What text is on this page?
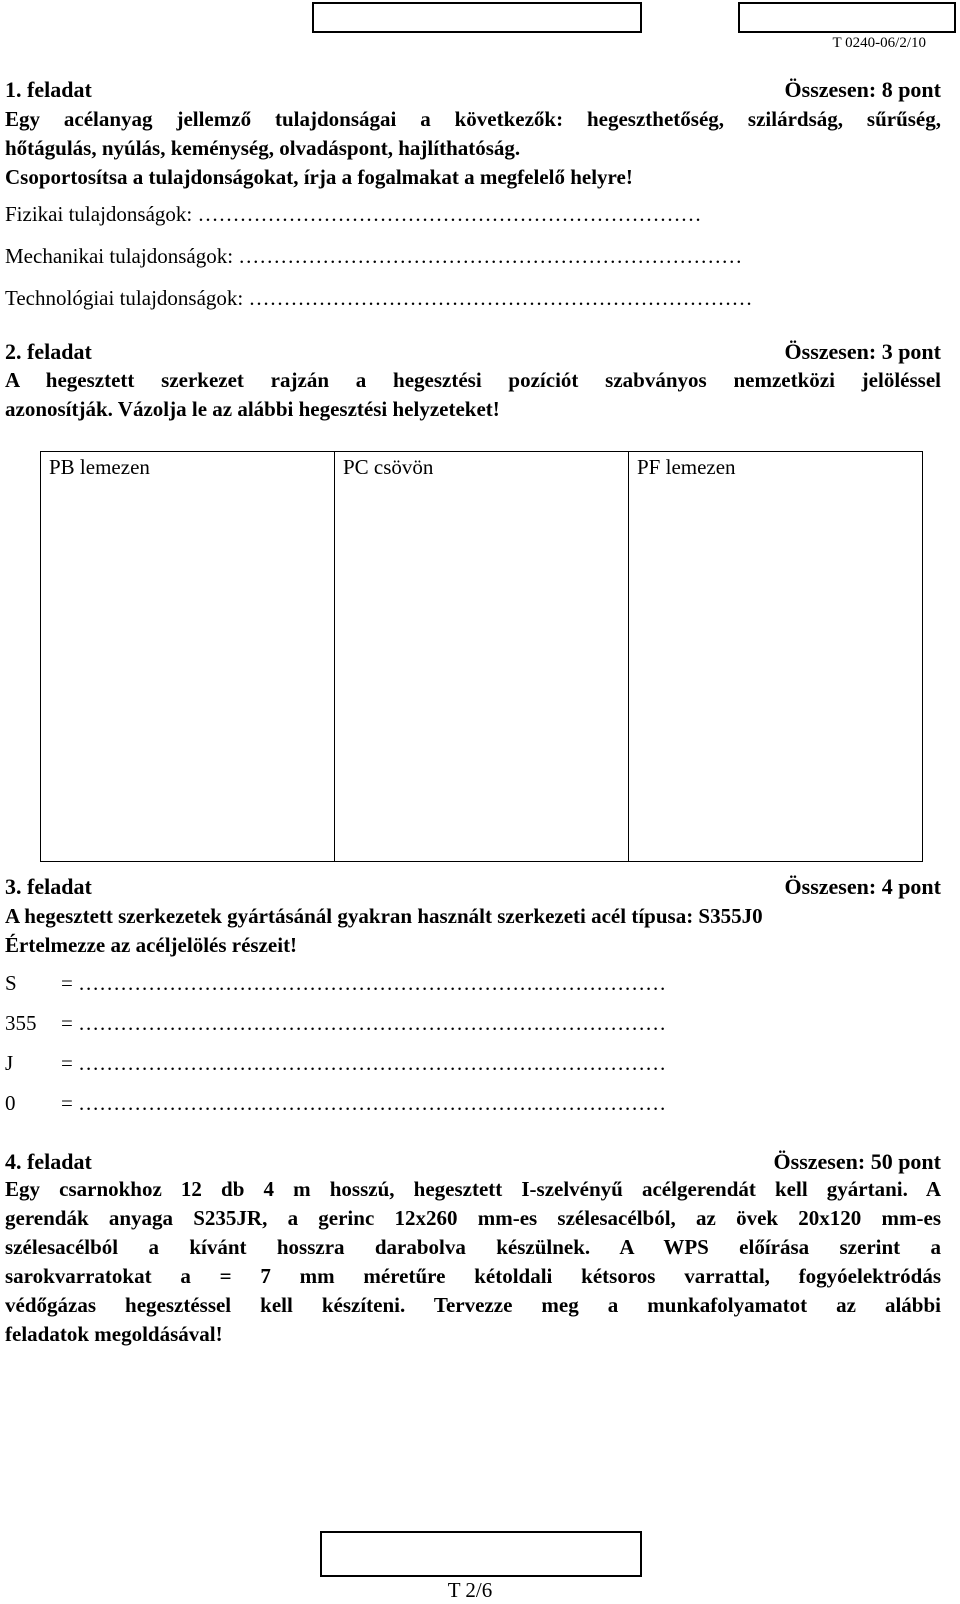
T 0240-06/2/10
1. feladat	Összesen: 8 pont
Egy acélanyag jellemző tulajdonságai a következők: hegeszthetőség, szilárdság, sűrűség,
hőtágulás, nyúlás, keménység, olvadáspont, hajlíthatóság.
Csoportosítsa a tulajdonságokat, írja a fogalmakat a megfelelő helyre!
Fizikai tulajdonságok: ………………………………………………………………
Mechanikai tulajdonságok: ………………………………………………………………
Technológiai tulajdonságok: ………………………………………………………………
2. feladat	Összesen: 3 pont
A hegesztett szerkezet rajzán a hegesztési pozíciót szabványos nemzetközi jelöléssel
azonosítják. Vázolja le az alábbi hegesztési helyzeteket!
PB lemezen	PC csövön	PF lemezen
3. feladat	Összesen: 4 pont
A hegesztett szerkezetek gyártásánál gyakran használt szerkezeti acél típusa: S355J0
Értelmezze az acéljelölés részeit!
S = …………………………………………………………………………
355 = …………………………………………………………………………
J = …………………………………………………………………………
0 = …………………………………………………………………………
4. feladat	Összesen: 50 pont
Egy csarnokhoz 12 db 4 m hosszú, hegesztett I-szelvényű acélgerendát kell gyártani. A
gerendák anyaga S235JR, a gerinc 12x260 mm-es szélesacélból, az övek 20x120 mm-es
szélesacélból a kívánt hosszra darabolva készülnek. A WPS előírása szerint a
sarokvarratokat a = 7 mm méretűre kétoldali kétsoros varrattal, fogyóelektródás
védőgázas hegesztéssel kell készíteni. Tervezze meg a munkafolyamatot az alábbi
feladatok megoldásával!
T 2/6
